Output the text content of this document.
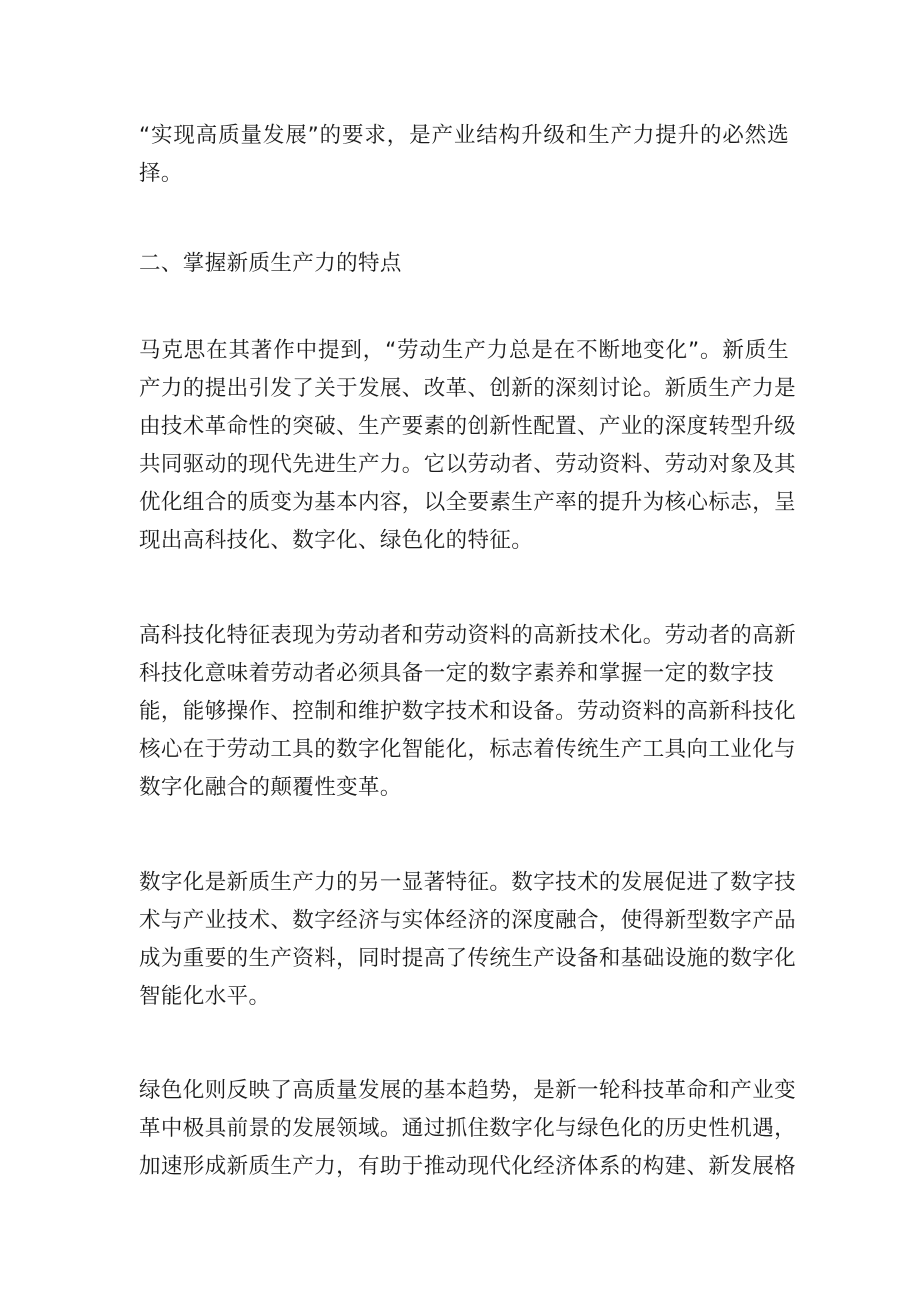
“实现高质量发展”的要求，是产业结构升级和生产力提升的必然选
择。
二、掌握新质生产力的特点
马克思在其著作中提到，“劳动生产力总是在不断地变化”。新质生
产力的提出引发了关于发展、改革、创新的深刻讨论。新质生产力是
由技术革命性的突破、生产要素的创新性配置、产业的深度转型升级
共同驱动的现代先进生产力。它以劳动者、劳动资料、劳动对象及其
优化组合的质变为基本内容，以全要素生产率的提升为核心标志，呈
现出高科技化、数字化、绿色化的特征。
高科技化特征表现为劳动者和劳动资料的高新技术化。劳动者的高新
科技化意味着劳动者必须具备一定的数字素养和掌握一定的数字技
能，能够操作、控制和维护数字技术和设备。劳动资料的高新科技化
核心在于劳动工具的数字化智能化，标志着传统生产工具向工业化与
数字化融合的颠覆性变革。
数字化是新质生产力的另一显著特征。数字技术的发展促进了数字技
术与产业技术、数字经济与实体经济的深度融合，使得新型数字产品
成为重要的生产资料，同时提高了传统生产设备和基础设施的数字化
智能化水平。
绿色化则反映了高质量发展的基本趋势，是新一轮科技革命和产业变
革中极具前景的发展领域。通过抓住数字化与绿色化的历史性机遇，
加速形成新质生产力，有助于推动现代化经济体系的构建、新发展格
